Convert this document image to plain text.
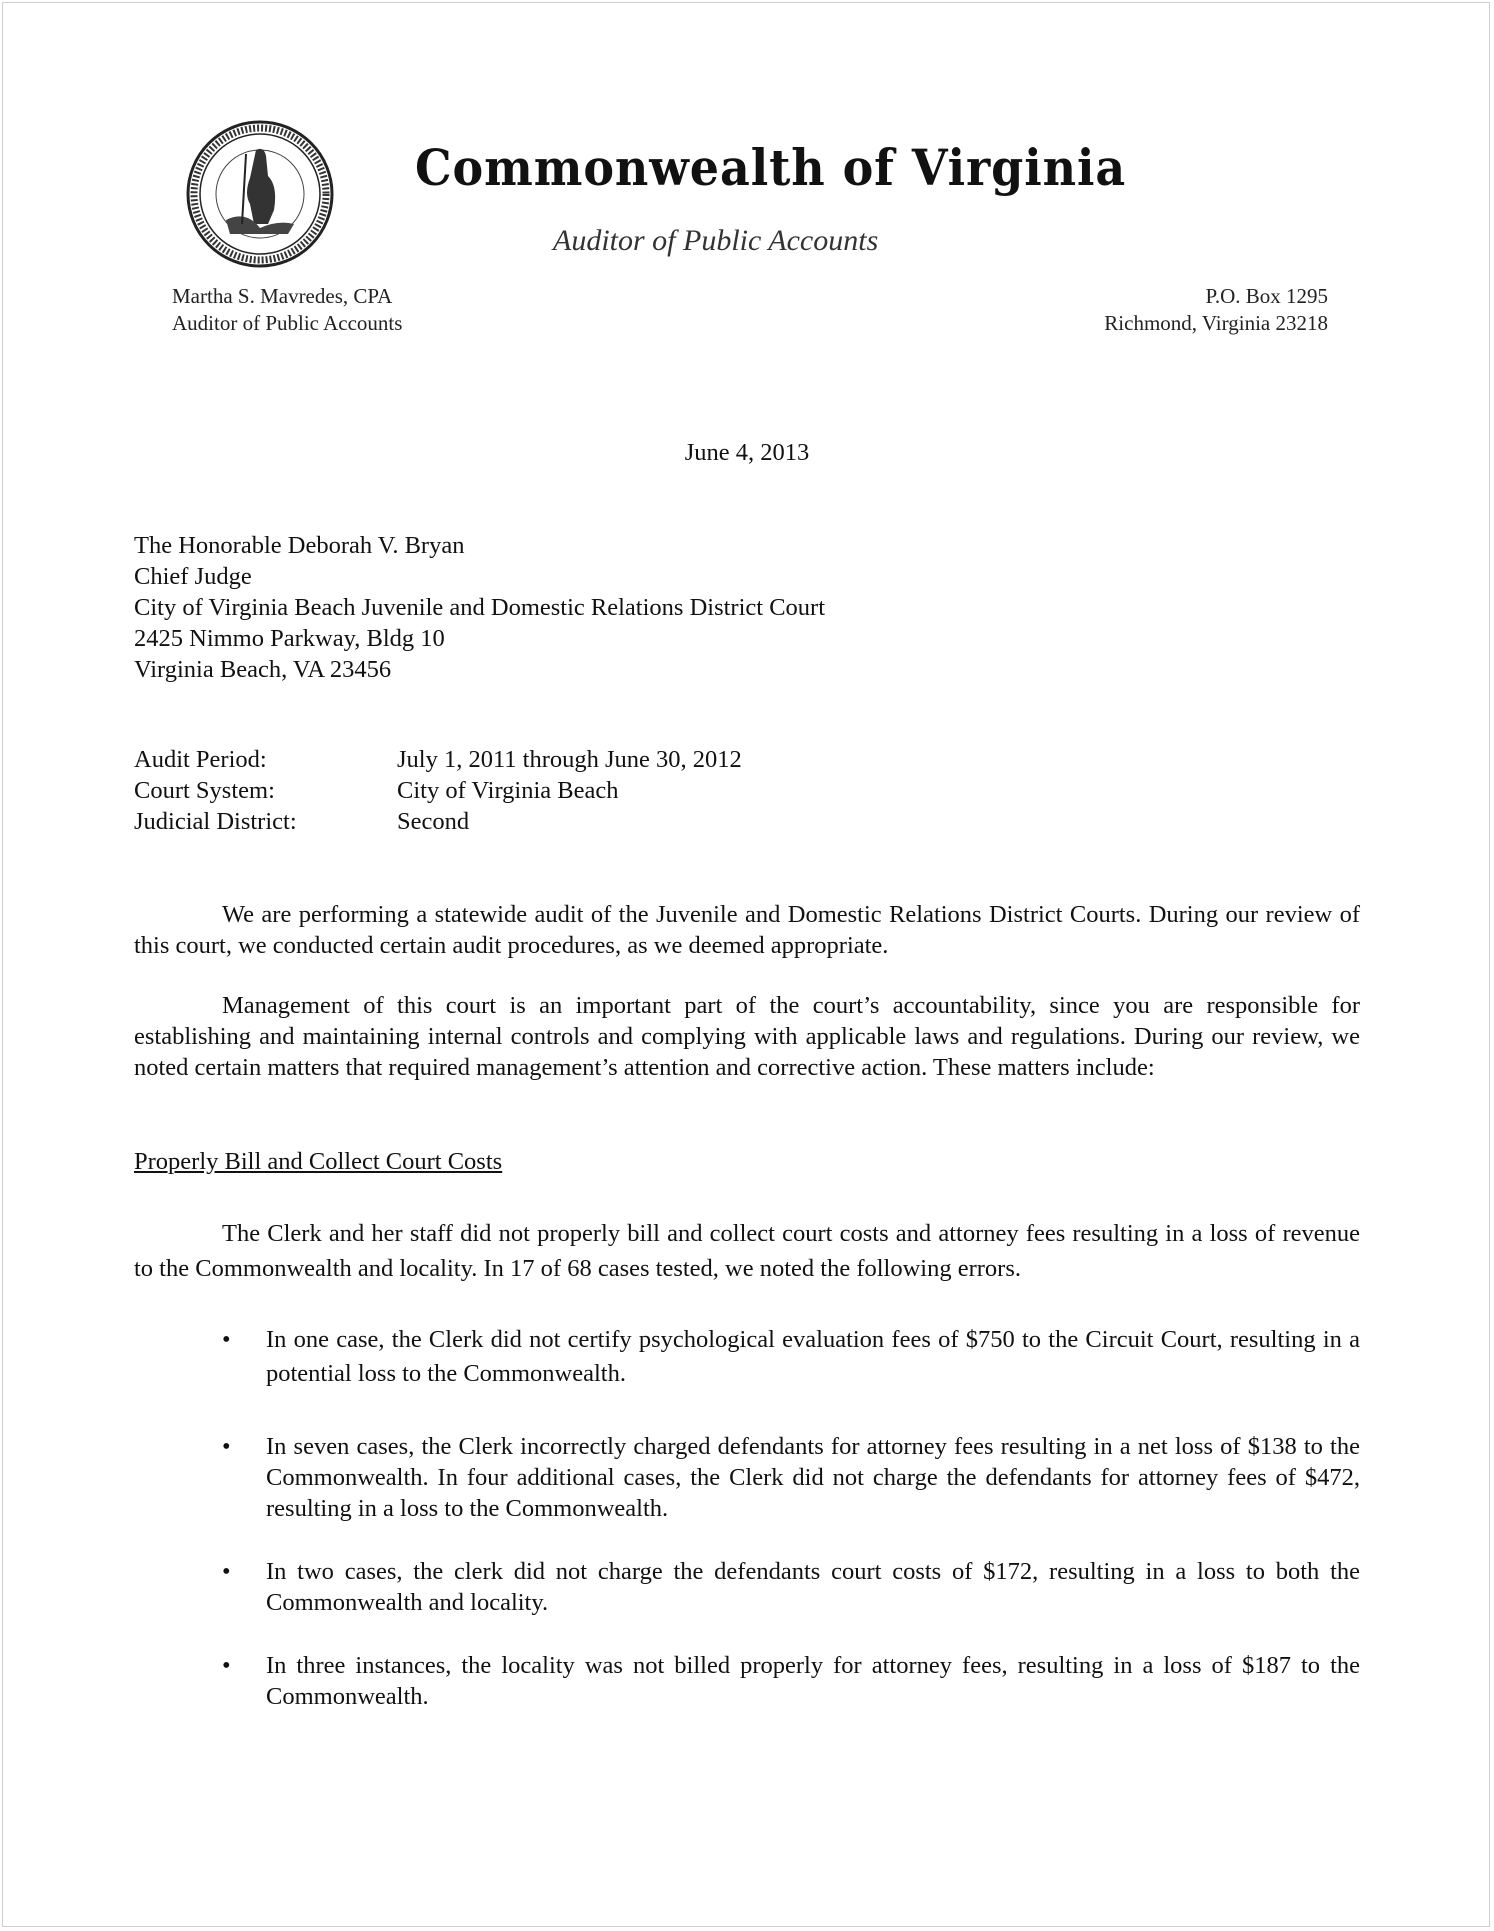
Commonwealth of Virginia
Auditor of Public Accounts
Martha S. Mavredes, CPA
Auditor of Public Accounts
P.O. Box 1295
Richmond, Virginia 23218
June 4, 2013
The Honorable Deborah V. Bryan
Chief Judge
City of Virginia Beach Juvenile and Domestic Relations District Court
2425 Nimmo Parkway, Bldg 10
Virginia Beach, VA 23456
Audit Period:	July 1, 2011 through June 30, 2012
Court System:	City of Virginia Beach
Judicial District:	Second

We are performing a statewide audit of the Juvenile and Domestic Relations District Courts. During our review of this court, we conducted certain audit procedures, as we deemed appropriate.

Management of this court is an important part of the court’s accountability, since you are responsible for establishing and maintaining internal controls and complying with applicable laws and regulations. During our review, we noted certain matters that required management’s attention and corrective action. These matters include:

Properly Bill and Collect Court Costs

The Clerk and her staff did not properly bill and collect court costs and attorney fees resulting in a loss of revenue to the Commonwealth and locality. In 17 of 68 cases tested, we noted the following errors.

•	In one case, the Clerk did not certify psychological evaluation fees of $750 to the Circuit Court, resulting in a potential loss to the Commonwealth.
•	In seven cases, the Clerk incorrectly charged defendants for attorney fees resulting in a net loss of $138 to the Commonwealth. In four additional cases, the Clerk did not charge the defendants for attorney fees of $472, resulting in a loss to the Commonwealth.
•	In two cases, the clerk did not charge the defendants court costs of $172, resulting in a loss to both the Commonwealth and locality.
•	In three instances, the locality was not billed properly for attorney fees, resulting in a loss of $187 to the Commonwealth.
